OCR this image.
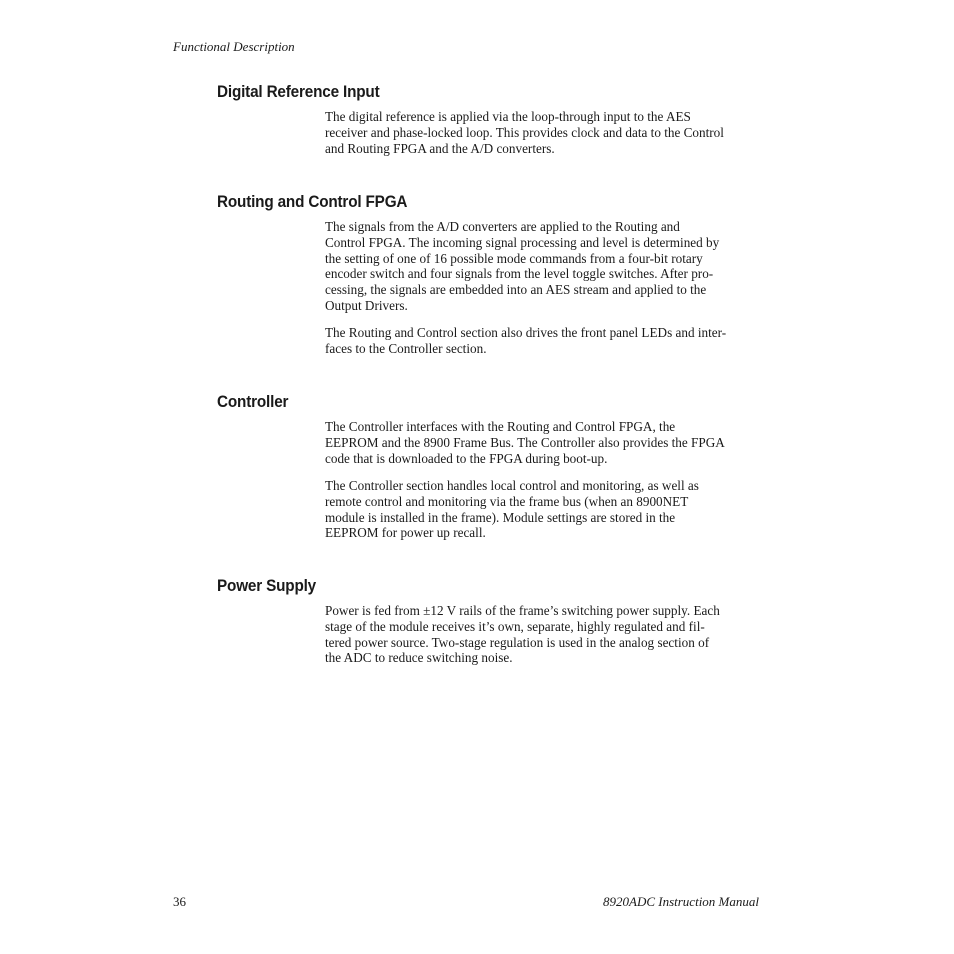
Functional Description
Digital Reference Input

The digital reference is applied via the loop-through input to the AES
receiver and phase-locked loop. This provides clock and data to the Control
and Routing FPGA and the A/D converters.

Routing and Control FPGA

The signals from the A/D converters are applied to the Routing and
Control FPGA. The incoming signal processing and level is determined by
the setting of one of 16 possible mode commands from a four-bit rotary
encoder switch and four signals from the level toggle switches. After pro-
cessing, the signals are embedded into an AES stream and applied to the
Output Drivers.

The Routing and Control section also drives the front panel LEDs and inter-
faces to the Controller section.

Controller

The Controller interfaces with the Routing and Control FPGA, the
EEPROM and the 8900 Frame Bus. The Controller also provides the FPGA
code that is downloaded to the FPGA during boot-up.

The Controller section handles local control and monitoring, as well as
remote control and monitoring via the frame bus (when an 8900NET
module is installed in the frame). Module settings are stored in the
EEPROM for power up recall.

Power Supply

Power is fed from ±12 V rails of the frame’s switching power supply. Each
stage of the module receives it’s own, separate, highly regulated and fil-
tered power source. Two-stage regulation is used in the analog section of
the ADC to reduce switching noise.

36	8920ADC Instruction Manual
